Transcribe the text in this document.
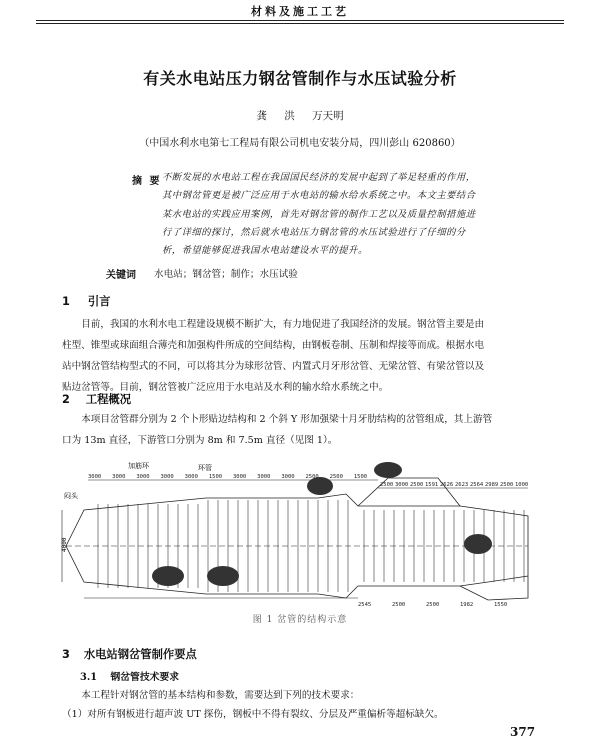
材料及施工工艺
有关水电站压力钢岔管制作与水压试验分析
龚 洪 万天明
（中国水利水电第七工程局有限公司机电安装分局，四川彭山 620860）
摘 要 不断发展的水电站工程在我国国民经济的发展中起到了举足轻重的作用，
其中钢岔管更是被广泛应用于水电站的输水给水系统之中。本文主要结合
某水电站的实践应用案例，首先对钢岔管的制作工艺以及质量控制措施进
行了详细的探讨，然后就水电站压力钢岔管的水压试验进行了仔细的分
析，希望能够促进我国水电站建设水平的提升。
关键词 水电站；钢岔管；制作；水压试验
1 引言
目前，我国的水利水电工程建设规模不断扩大，有力地促进了我国经济的发展。钢岔管主要是由
柱型、锥型或球面组合薄壳和加强构件所成的空间结构，由钢板卷制、压制和焊接等而成。根据水电
站中钢岔管结构型式的不同，可以将其分为球形岔管、内置式月牙形岔管、无梁岔管、有梁岔管以及
贴边岔管等。目前，钢岔管被广泛应用于水电站及水利的输水给水系统之中。
2 工程概况
本项目岔管群分别为 2 个卜形贴边结构和 2 个斜 Y 形加强梁十月牙肋结构的岔管组成，其上游管
口为 13m 直径，下游管口分别为 8m 和 7.5m 直径（见图 1）。
加筋环	环管
闷头
4000
3000 3000 3000 3000 3000 1500 3000 3000 3000 2500 2500 1500
2500 3000 2500 1591 2626 2623 2564 2989 2500 1000
2545	2500	2500	1982	1550
图 1 岔管的结构示意
3 水电站钢岔管制作要点
3.1 钢岔管技术要求
本工程针对钢岔管的基本结构和参数，需要达到下列的技术要求：
（1）对所有钢板进行超声波 UT 探伤，钢板中不得有裂纹、分层及严重偏析等超标缺欠。
377
